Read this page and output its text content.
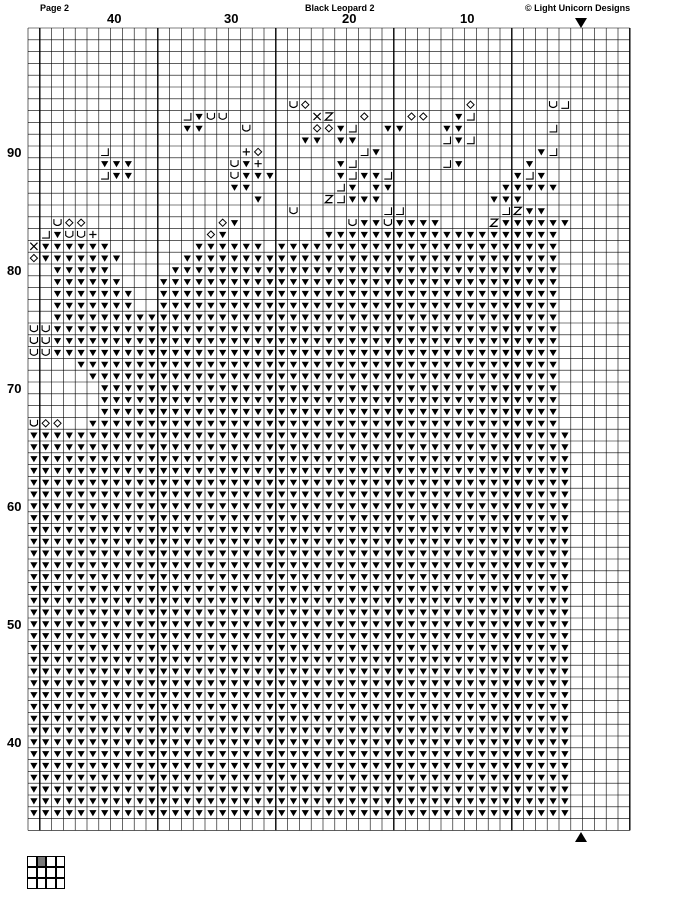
Page 2	Black Leopard 2	© Light Unicorn Designs
40	30	20	10
90
80
70
60
50
40
